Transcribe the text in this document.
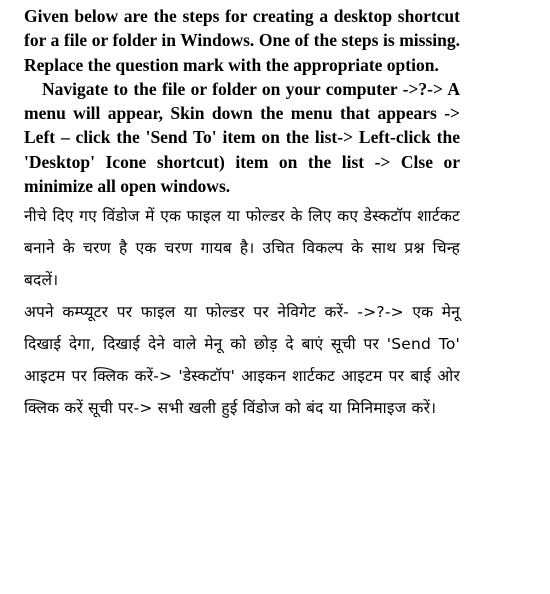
Given below are the steps for creating a desktop shortcut for a file or folder in Windows. One of the steps is missing. Replace the question mark with the appropriate option.

Navigate to the file or folder on your computer ->?-> A menu will appear, Skin down the menu that appears -> Left – click the 'Send To' item on the list-> Left-click the 'Desktop' Icone shortcut) item on the list -> Clse or minimize all open windows.

नीचे दिए गए विंडोज में एक फाइल या फोल्डर के लिए कए डेस्कटॉप शार्टकट बनाने के चरण है एक चरण गायब है। उचित विकल्प के साथ प्रश्न चिन्ह बदलें।

अपने कम्प्यूटर पर फाइल या फोल्डर पर नेविगेट करें- ->?-> एक मेनू दिखाई देगा, दिखाई देने वाले मेनू को छोड़ दे बाएं सूची पर 'Send To' आइटम पर क्लिक करें-> 'डेस्कटॉप' आइकन शार्टकट आइटम पर बाई ओर क्लिक करें सूची पर-> सभी खली हुई विंडोज को बंद या मिनिमाइज करें।
